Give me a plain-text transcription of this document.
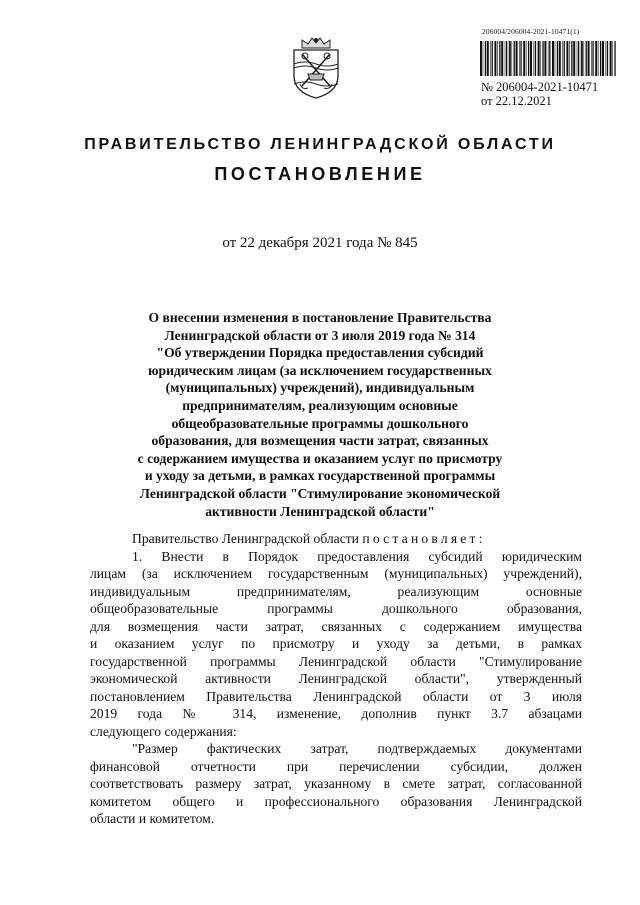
206004/206004-2021-10471(1)
№ 206004-2021-10471
от 22.12.2021
ПРАВИТЕЛЬСТВО ЛЕНИНГРАДСКОЙ ОБЛАСТИ
ПОСТАНОВЛЕНИЕ
от 22 декабря 2021 года № 845
О внесении изменения в постановление Правительства
Ленинградской области от 3 июля 2019 года № 314
"Об утверждении Порядка предоставления субсидий
юридическим лицам (за исключением государственных
(муниципальных) учреждений), индивидуальным
предпринимателям, реализующим основные
общеобразовательные программы дошкольного
образования, для возмещения части затрат, связанных
с содержанием имущества и оказанием услуг по присмотру
и уходу за детьми, в рамках государственной программы
Ленинградской области "Стимулирование экономической
активности Ленинградской области"
Правительство Ленинградской области постановляет:
1. Внести в Порядок предоставления субсидий юридическим
лицам (за исключением государственным (муниципальных) учреждений),
индивидуальным предпринимателям, реализующим основные
общеобразовательные программы дошкольного образования,
для возмещения части затрат, связанных с содержанием имущества
и оказанием услуг по присмотру и уходу за детьми, в рамках
государственной программы Ленинградской области "Стимулирование
экономической активности Ленинградской области", утвержденный
постановлением Правительства Ленинградской области от 3 июля
2019 года № 314, изменение, дополнив пункт 3.7 абзацами
следующего содержания:
"Размер фактических затрат, подтверждаемых документами
финансовой отчетности при перечислении субсидии, должен
соответствовать размеру затрат, указанному в смете затрат, согласованной
комитетом общего и профессионального образования Ленинградской
области и комитетом.
